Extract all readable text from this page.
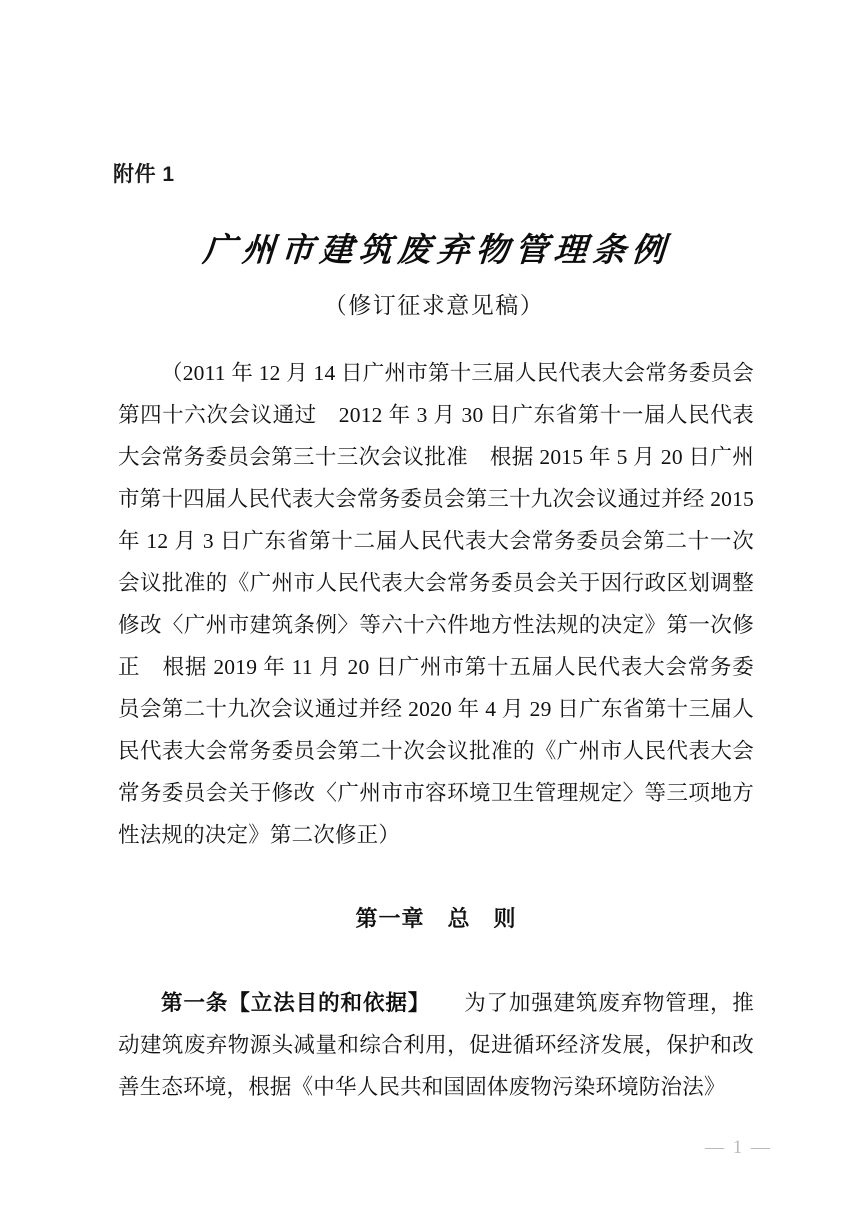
附件 1
广州市建筑废弃物管理条例
（修订征求意见稿）

（2011 年 12 月 14 日广州市第十三届人民代表大会常务委员会第四十六次会议通过　2012 年 3 月 30 日广东省第十一届人民代表大会常务委员会第三十三次会议批准　根据 2015 年 5 月 20 日广州市第十四届人民代表大会常务委员会第三十九次会议通过并经 2015 年 12 月 3 日广东省第十二届人民代表大会常务委员会第二十一次会议批准的《广州市人民代表大会常务委员会关于因行政区划调整修改〈广州市建筑条例〉等六十六件地方性法规的决定》第一次修正　根据 2019 年 11 月 20 日广州市第十五届人民代表大会常务委员会第二十九次会议通过并经 2020 年 4 月 29 日广东省第十三届人民代表大会常务委员会第二十次会议批准的《广州市人民代表大会常务委员会关于修改〈广州市市容环境卫生管理规定〉等三项地方性法规的决定》第二次修正）

第一章　总　则

第一条【立法目的和依据】　　 为了加强建筑废弃物管理，推动建筑废弃物源头减量和综合利用，促进循环经济发展，保护和改善生态环境，根据《中华人民共和国固体废物污染环境防治法》

— 1 —
